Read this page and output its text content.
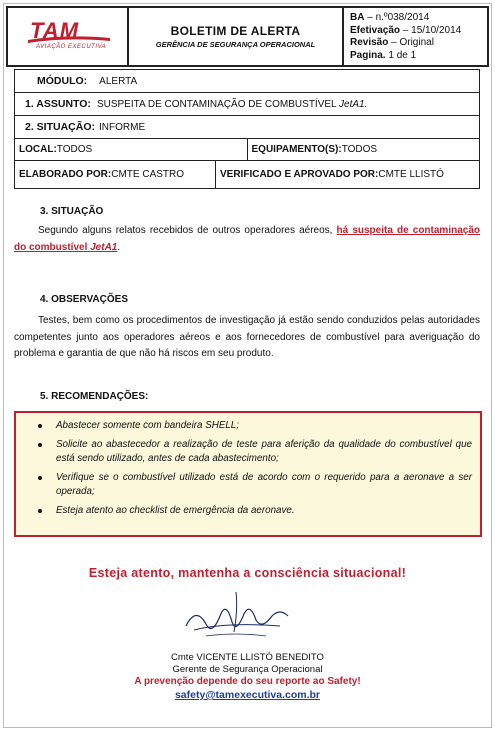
TAM
AVIAÇÃO EXECUTIVA
BOLETIM DE ALERTA
GERÊNCIA DE SEGURANÇA OPERACIONAL
BA – n.º038/2014
Efetivação – 15/10/2014
Revisão – Original
Pagina. 1 de 1
MÓDULO: ALERTA
1. ASSUNTO: SUSPEITA DE CONTAMINAÇÃO DE COMBUSTÍVEL JetA1.
2. SITUAÇÃO: INFORME
LOCAL: TODOS	EQUIPAMENTO(S): TODOS
ELABORADO POR: CMTE CASTRO	VERIFICADO E APROVADO POR: CMTE LLISTÓ
3. SITUAÇÃO
Segundo alguns relatos recebidos de outros operadores aéreos, há suspeita de contaminação do combustível JetA1.
4. OBSERVAÇÕES
Testes, bem como os procedimentos de investigação já estão sendo conduzidos pelas autoridades competentes junto aos operadores aéreos e aos fornecedores de combustível para averiguação do problema e garantia de que não há riscos em seu produto.
5. RECOMENDAÇÕES:
Abastecer somente com bandeira SHELL;
Solicite ao abastecedor a realização de teste para aferição da qualidade do combustível que está sendo utilizado, antes de cada abastecimento;
Verifique se o combustível utilizado está de acordo com o requerido para a aeronave a ser operada;
Esteja atento ao checklist de emergência da aeronave.
Esteja atento, mantenha a consciência situacional!
Cmte VICENTE LLISTÓ BENEDITO
Gerente de Segurança Operacional
A prevenção depende do seu reporte ao Safety!
safety@tamexecutiva.com.br
